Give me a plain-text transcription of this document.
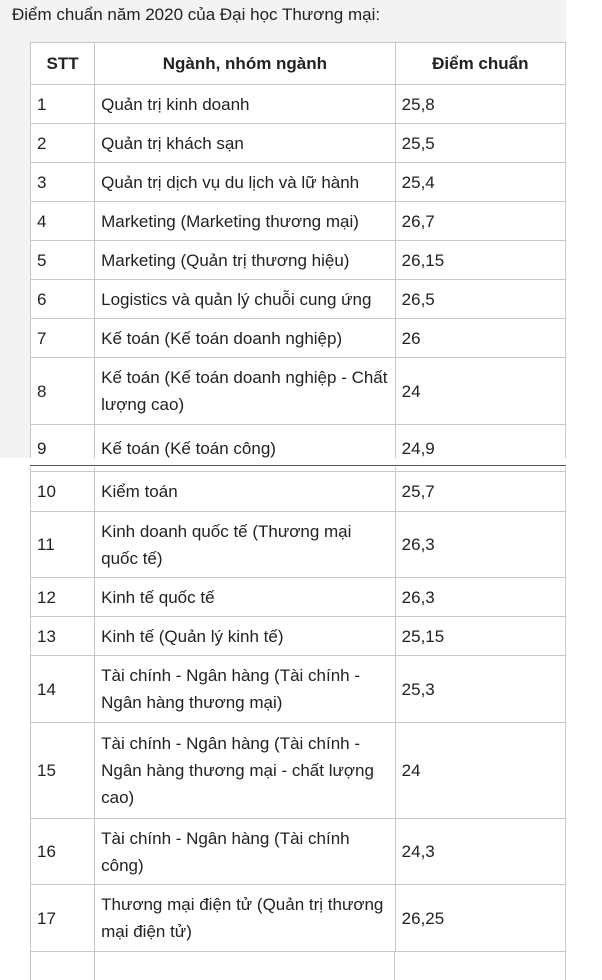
Điểm chuẩn năm 2020 của Đại học Thương mại:
STT	Ngành, nhóm ngành	Điểm chuẩn
1	Quản trị kinh doanh	25,8
2	Quản trị khách sạn	25,5
3	Quản trị dịch vụ du lịch và lữ hành	25,4
4	Marketing (Marketing thương mại)	26,7
5	Marketing (Quản trị thương hiệu)	26,15
6	Logistics và quản lý chuỗi cung ứng	26,5
7	Kế toán (Kế toán doanh nghiệp)	26
8	Kế toán (Kế toán doanh nghiệp - Chất lượng cao)	24
9	Kế toán (Kế toán công)	24,9
10	Kiểm toán	25,7
11	Kinh doanh quốc tế (Thương mại quốc tế)	26,3
12	Kinh tế quốc tế	26,3
13	Kinh tế (Quản lý kinh tế)	25,15
14	Tài chính - Ngân hàng (Tài chính - Ngân hàng thương mại)	25,3
15	Tài chính - Ngân hàng (Tài chính - Ngân hàng thương mại - chất lượng cao)	24
16	Tài chính - Ngân hàng (Tài chính công)	24,3
17	Thương mại điện tử (Quản trị thương mại điện tử)	26,25
